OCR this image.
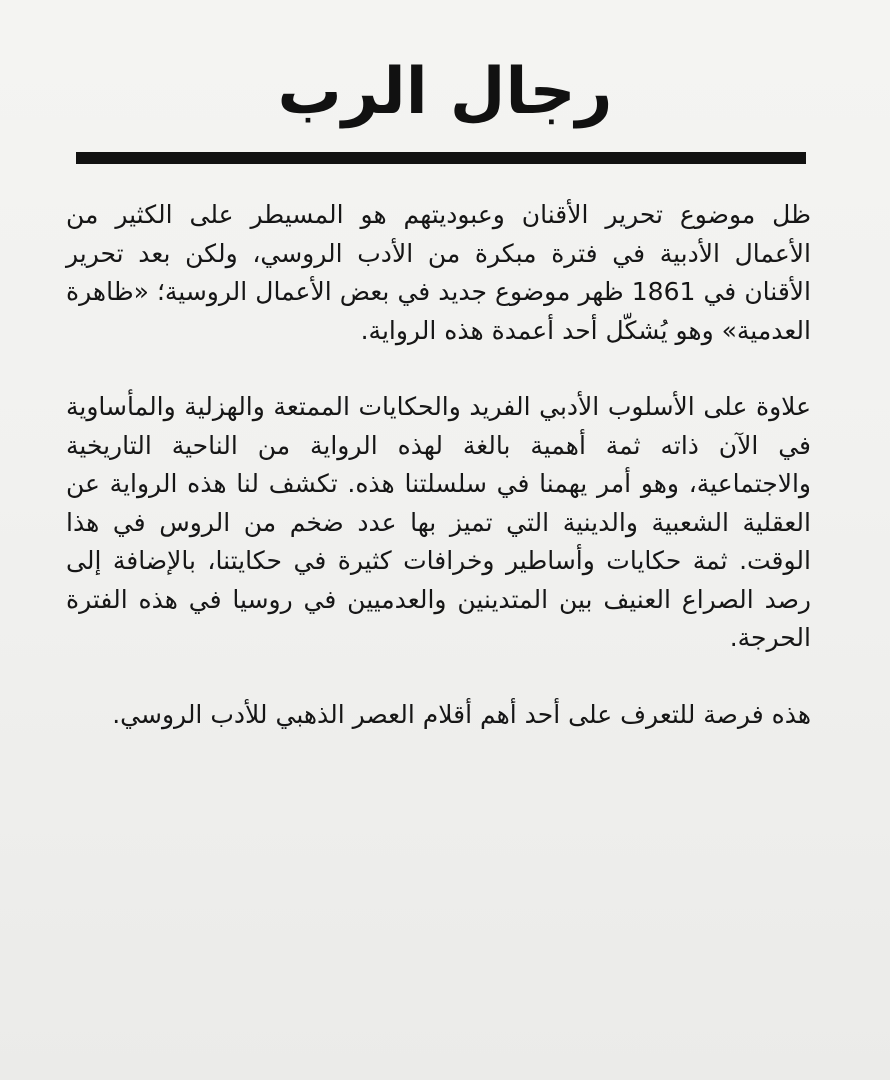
رجال الرب

ظل موضوع تحرير الأقنان وعبوديتهم هو المسيطر على الكثير من الأعمال الأدبية في فترة مبكرة من الأدب الروسي، ولكن بعد تحرير الأقنان في 1861 ظهر موضوع جديد في بعض الأعمال الروسية؛ «ظاهرة العدمية» وهو يُشكّل أحد أعمدة هذه الرواية.

علاوة على الأسلوب الأدبي الفريد والحكايات الممتعة والهزلية والمأساوية في الآن ذاته ثمة أهمية بالغة لهذه الرواية من الناحية التاريخية والاجتماعية، وهو أمر يهمنا في سلسلتنا هذه. تكشف لنا هذه الرواية عن العقلية الشعبية والدينية التي تميز بها عدد ضخم من الروس في هذا الوقت. ثمة حكايات وأساطير وخرافات كثيرة في حكايتنا، بالإضافة إلى رصد الصراع العنيف بين المتدينين والعدميين في روسيا في هذه الفترة الحرجة.

هذه فرصة للتعرف على أحد أهم أقلام العصر الذهبي للأدب الروسي.
